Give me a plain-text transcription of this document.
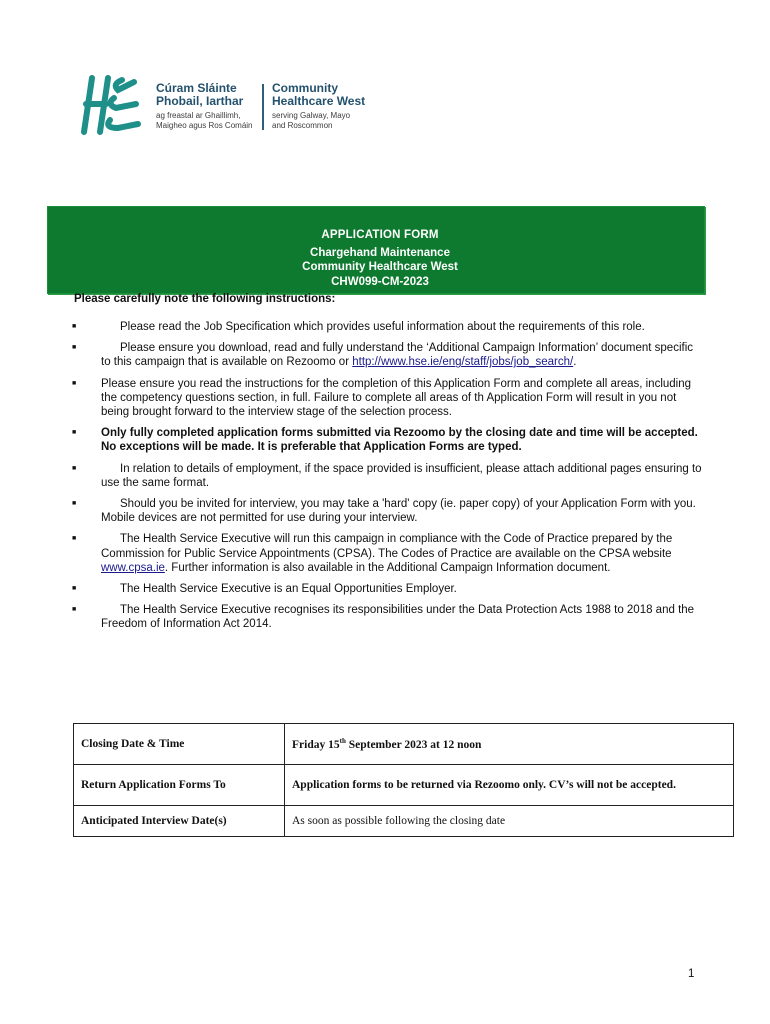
Cúram Sláinte
Phobail, Iarthar
ag freastal ar Ghaillimh,
Maigheo agus Ros Comáin
Community
Healthcare West
serving Galway, Mayo
and Roscommon
APPLICATION FORM
Chargehand Maintenance
Community Healthcare West
CHW099-CM-2023
Please carefully note the following instructions:
■	Please read the Job Specification which provides useful information about the requirements of this role.
■	Please ensure you download, read and fully understand the ‘Additional Campaign Information’ document specific to this campaign that is available on Rezoomo or http://www.hse.ie/eng/staff/jobs/job_search/.
■ Please ensure you read the instructions for the completion of this Application Form and complete all areas, including the competency questions section, in full. Failure to complete all areas of th Application Form will result in you not being brought forward to the interview stage of the selection process.
■ Only fully completed application forms submitted via Rezoomo by the closing date and time will be accepted. No exceptions will be made. It is preferable that Application Forms are typed.
■	In relation to details of employment, if the space provided is insufficient, please attach additional pages ensuring to use the same format.
■	Should you be invited for interview, you may take a 'hard' copy (ie. paper copy) of your Application Form with you. Mobile devices are not permitted for use during your interview.
■	The Health Service Executive will run this campaign in compliance with the Code of Practice prepared by the Commission for Public Service Appointments (CPSA). The Codes of Practice are available on the CPSA website www.cpsa.ie. Further information is also available in the Additional Campaign Information document.
■	The Health Service Executive is an Equal Opportunities Employer.
■	The Health Service Executive recognises its responsibilities under the Data Protection Acts 1988 to 2018 and the Freedom of Information Act 2014.
Closing Date & Time	Friday 15th September 2023 at 12 noon
Return Application Forms To	Application forms to be returned via Rezoomo only. CV’s will not be accepted.
Anticipated Interview Date(s)	As soon as possible following the closing date
1
